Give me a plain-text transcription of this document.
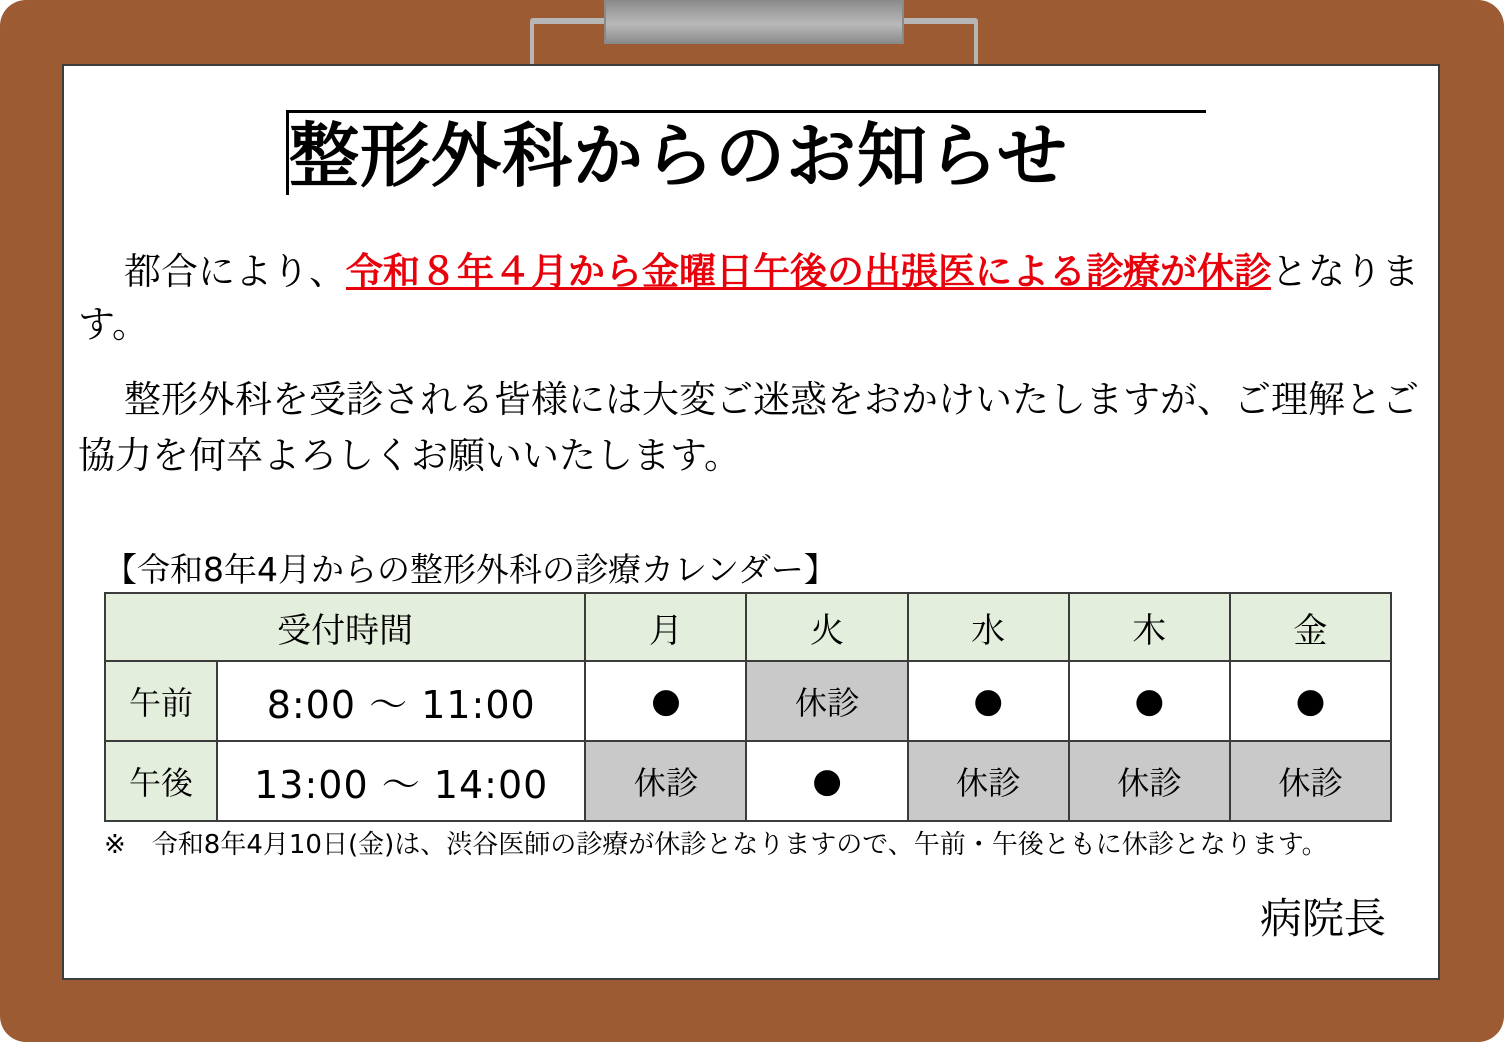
整形外科からのお知らせ
都合により、令和８年４月から金曜日午後の出張医による診療が休診となります。
整形外科を受診される皆様には大変ご迷惑をおかけいたしますが、ご理解とご協力を何卒よろしくお願いいたします。
【令和8年4月からの整形外科の診療カレンダー】
受付時間		月	火	水	木	金
午前	8:00 ～ 11:00	●	休診	●	●	●
午後	13:00 ～ 14:00	休診	●	休診	休診	休診
※　令和8年4月10日(金)は、渋谷医師の診療が休診となりますので、午前・午後ともに休診となります。
病院長
